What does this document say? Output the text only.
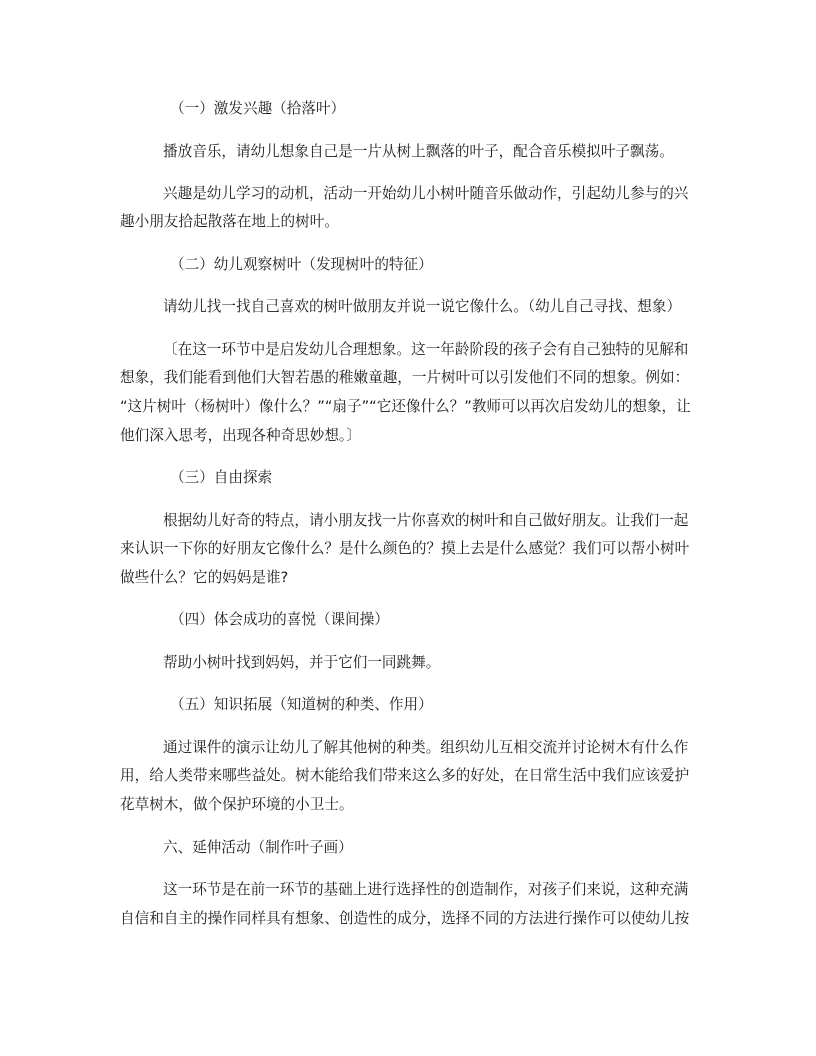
（一）激发兴趣（拾落叶）
播放音乐，请幼儿想象自己是一片从树上飘落的叶子，配合音乐模拟叶子飘荡。
兴趣是幼儿学习的动机，活动一开始幼儿小树叶随音乐做动作，引起幼儿参与的兴
趣小朋友拾起散落在地上的树叶。
（二）幼儿观察树叶（发现树叶的特征）
请幼儿找一找自己喜欢的树叶做朋友并说一说它像什么。（幼儿自己寻找、想象）
〔在这一环节中是启发幼儿合理想象。这一年龄阶段的孩子会有自己独特的见解和
想象，我们能看到他们大智若愚的稚嫩童趣，一片树叶可以引发他们不同的想象。例如：
“这片树叶（杨树叶）像什么？”“扇子”“它还像什么？”教师可以再次启发幼儿的想象，让
他们深入思考，出现各种奇思妙想。〕
（三）自由探索
根据幼儿好奇的特点，请小朋友找一片你喜欢的树叶和自己做好朋友。让我们一起
来认识一下你的好朋友它像什么？是什么颜色的？摸上去是什么感觉？我们可以帮小树叶
做些什么？它的妈妈是谁?
（四）体会成功的喜悦（课间操）
帮助小树叶找到妈妈，并于它们一同跳舞。
（五）知识拓展（知道树的种类、作用）
通过课件的演示让幼儿了解其他树的种类。组织幼儿互相交流并讨论树木有什么作
用，给人类带来哪些益处。树木能给我们带来这么多的好处，在日常生活中我们应该爱护
花草树木，做个保护环境的小卫士。
六、延伸活动（制作叶子画）
这一环节是在前一环节的基础上进行选择性的创造制作，对孩子们来说，这种充满
自信和自主的操作同样具有想象、创造性的成分，选择不同的方法进行操作可以使幼儿按
